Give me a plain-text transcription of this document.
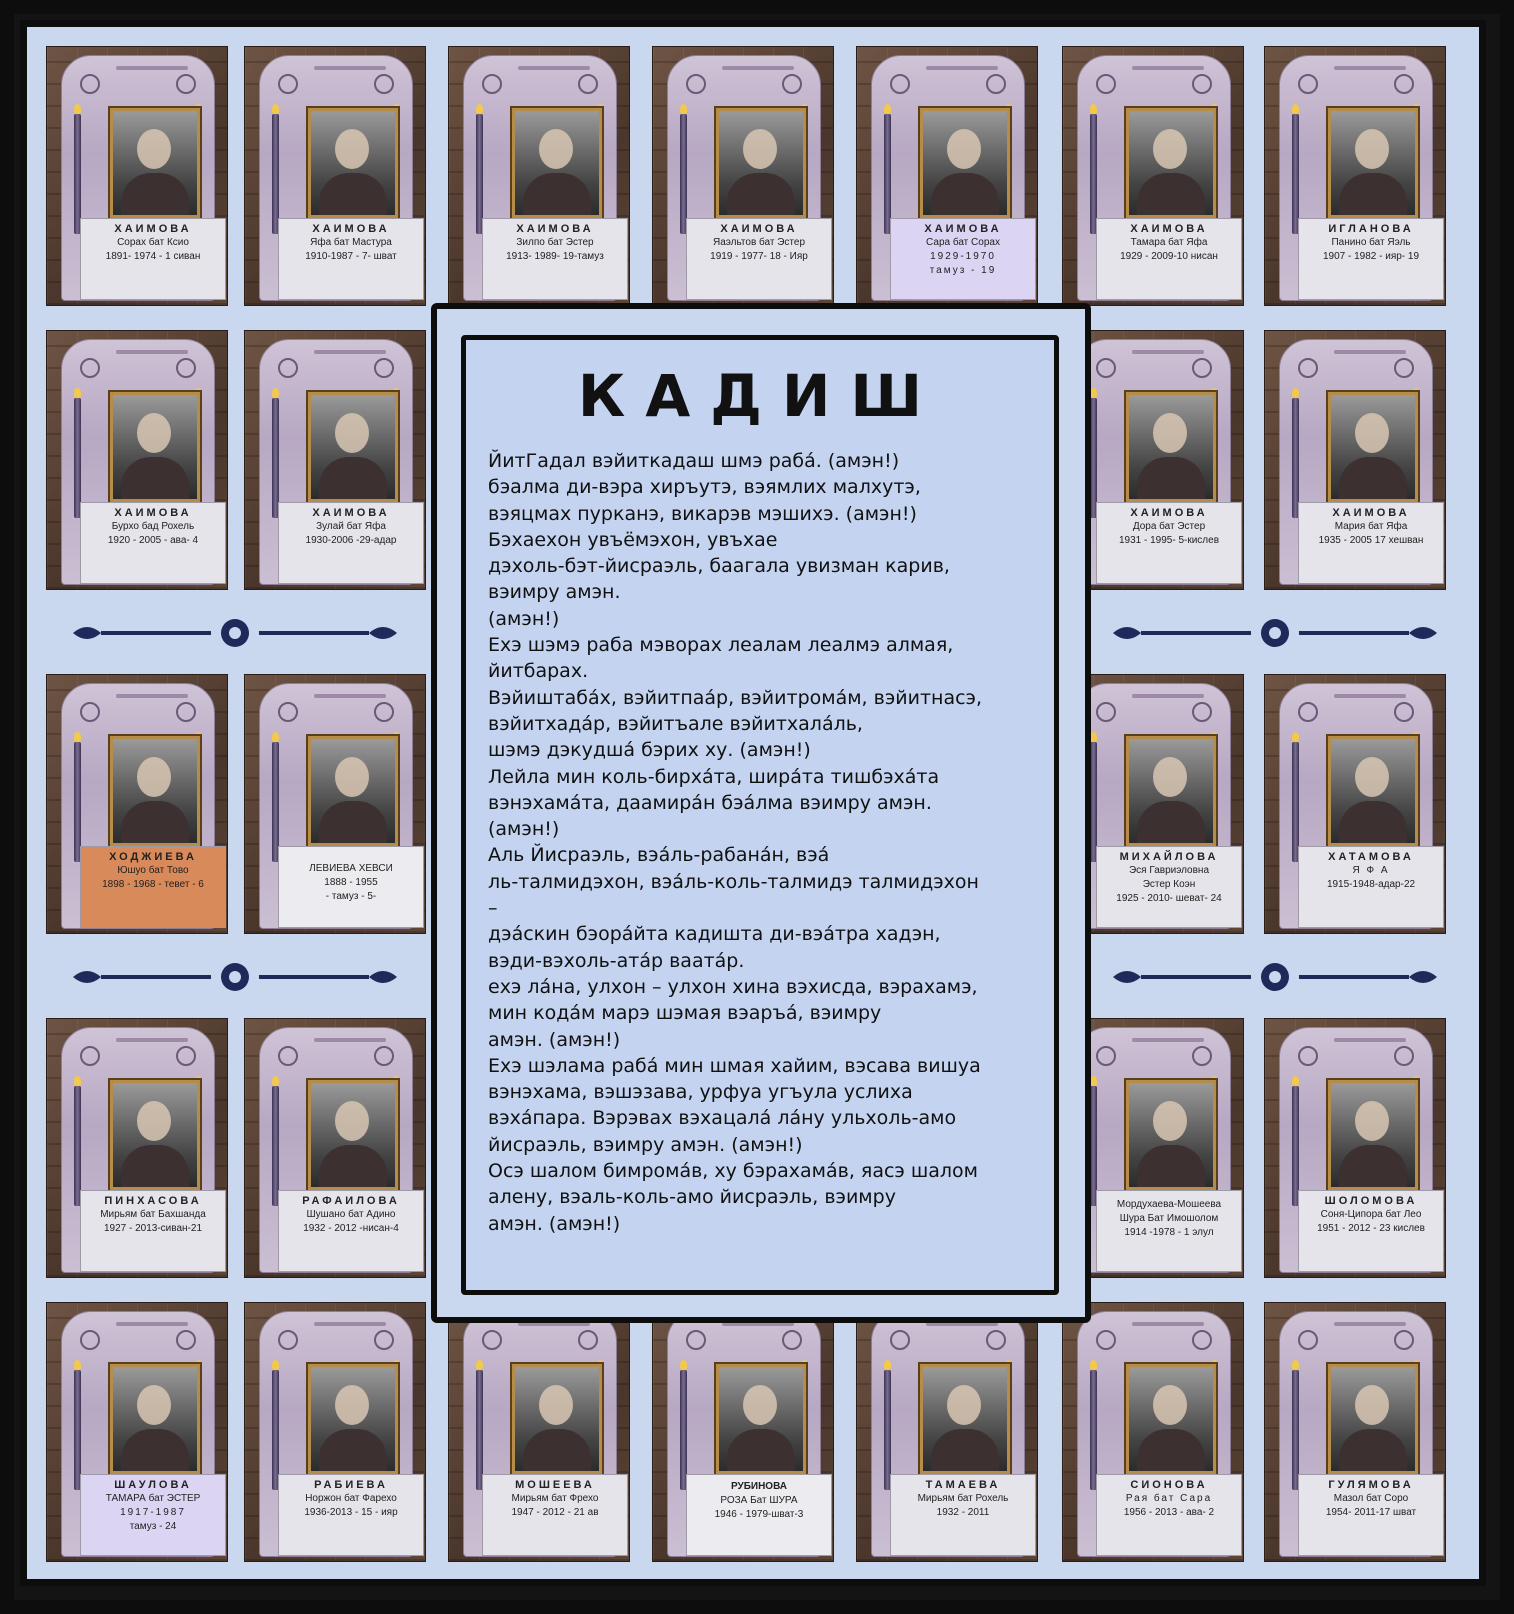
ХАИМОВА
Сорах бат Ксио
1891- 1974 - 1 сиван
ХАИМОВА
Яфа бат Мастура
1910-1987 - 7- шват
ХАИМОВА
Зилпо бат Эстер
1913- 1989- 19-тамуз
ХАИМОВА
Яаэльтов бат Эстер
1919 - 1977- 18 - Ияр
ХАИМОВА
Сара бат Сорах
1929-1970
тамуз - 19
ХАИМОВА
Тамара бат Яфа
1929 - 2009-10 нисан
ИГЛАНОВА
Панино бат Яэль
1907 - 1982 - ияр- 19
ХАИМОВА
Бурхо бад Рохель
1920 - 2005 - ава- 4
ХАИМОВА
Зулай бат Яфа
1930-2006 -29-адар
ХАИМОВА
Дора бат Эстер
1931 - 1995- 5-кислев
ХАИМОВА
Мария бат Яфа
1935 - 2005 17 хешван
ХОДЖИЕВА
Юшуо бат Тово
1898 - 1968 - тевет - 6
ЛЕВИЕВА ХЕВСИ
1888 - 1955
- тамуз - 5-
МИХАЙЛОВА
Эся Гавриэловна
Эстер Коэн
1925 - 2010- шеват- 24
ХАТАМОВА
Я Ф А
1915-1948-адар-22
ПИНХАСОВА
Мирьям бат Бахшанда
1927 - 2013-сиван-21
РАФАИЛОВА
Шушано бат Адино
1932 - 2012 -нисан-4
Мордухаева-Мошеева
Шура Бат Имошолом
1914 -1978 - 1 элул
ШОЛОМОВА
Соня-Ципора бат Лео
1951 - 2012 - 23 кислев
ШАУЛОВА
ТАМАРА бат ЭСТЕР
1917-1987
тамуз - 24
РАБИЕВА
Норжон бат Фарехо
1936-2013 - 15 - ияр
МОШЕЕВА
Мирьям бат Фрехо
1947 - 2012 - 21 ав
РУБИНОВА
РОЗА Бат ШУРА
1946 - 1979-шват-3
ТАМАЕВА
Мирьям бат Рохель
1932 - 2011
СИОНОВА
Рая бат Сара
1956 - 2013 - ава- 2
ГУЛЯМОВА
Мазол бат Соро
1954- 2011-17 шват
КАДИШ
ЙитГадал вэйиткадаш шмэ рабá. (амэн!)
бэалма ди-вэра хиръутэ, вэямлих малхутэ,
вэяцмах пурканэ, викарэв мэшихэ. (амэн!)
Бэхаехон увъёмэхон, увъхае
дэхоль-бэт-йисраэль, баагала увизман карив,
вэимру амэн.
(амэн!)
Ехэ шэмэ раба мэворах леалам леалмэ алмая,
йитбарах.
Вэйиштабáх, вэйитпаáр, вэйитромáм, вэйитнасэ,
вэйитхадáр, вэйитъале вэйитхалáль,
шэмэ дэкудшá бэрих ху. (амэн!)
Лейла мин коль-бирхáта, ширáта тишбэхáта
вэнэхамáта, даамирáн бэáлма вэимру амэн.
(амэн!)
Аль Йисраэль, вэáль-рабанáн, вэá
ль-талмидэхон, вэáль-коль-талмидэ талмидэхон
–
дэáскин бэорáйта кадишта ди-вэáтра хадэн,
вэди-вэхоль-атáр ваатáр.
ехэ лáна, улхон – улхон хина вэхисда, вэрахамэ,
мин кодáм марэ шэмая вэаръá, вэимру
амэн. (амэн!)
Ехэ шэлама рабá мин шмая хайим, вэсава вишуа
вэнэхама, вэшэзава, урфуа угъула услиха
вэхáпара. Вэрэвах вэхацалá лáну ульхоль-амо
йисраэль, вэимру амэн. (амэн!)
Осэ шалом бимромáв, ху бэрахамáв, яасэ шалом
алену, вэаль-коль-амо йисраэль, вэимру
амэн. (амэн!)
